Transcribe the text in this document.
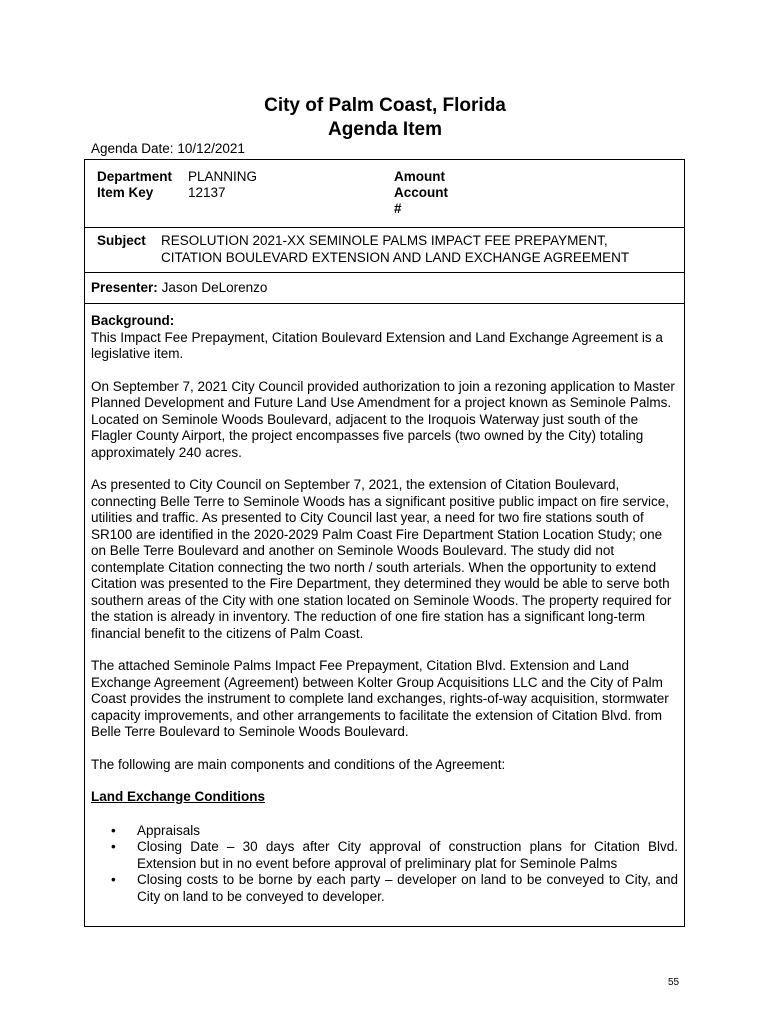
City of Palm Coast, Florida
Agenda Item
Agenda Date: 10/12/2021
Department PLANNING
Item Key	12137
Amount
Account
#
Subject RESOLUTION 2021-XX SEMINOLE PALMS IMPACT FEE PREPAYMENT,
CITATION BOULEVARD EXTENSION AND LAND EXCHANGE AGREEMENT
Presenter: Jason DeLorenzo
Background:

This Impact Fee Prepayment, Citation Boulevard Extension and Land Exchange Agreement is a legislative item.

On September 7, 2021 City Council provided authorization to join a rezoning application to Master Planned Development and Future Land Use Amendment for a project known as Seminole Palms. Located on Seminole Woods Boulevard, adjacent to the Iroquois Waterway just south of the Flagler County Airport, the project encompasses five parcels (two owned by the City) totaling approximately 240 acres.

As presented to City Council on September 7, 2021, the extension of Citation Boulevard, connecting Belle Terre to Seminole Woods has a significant positive public impact on fire service, utilities and traffic. As presented to City Council last year, a need for two fire stations south of SR100 are identified in the 2020-2029 Palm Coast Fire Department Station Location Study; one on Belle Terre Boulevard and another on Seminole Woods Boulevard. The study did not contemplate Citation connecting the two north / south arterials. When the opportunity to extend Citation was presented to the Fire Department, they determined they would be able to serve both southern areas of the City with one station located on Seminole Woods. The property required for the station is already in inventory. The reduction of one fire station has a significant long-term financial benefit to the citizens of Palm Coast.

The attached Seminole Palms Impact Fee Prepayment, Citation Blvd. Extension and Land Exchange Agreement (Agreement) between Kolter Group Acquisitions LLC and the City of Palm Coast provides the instrument to complete land exchanges, rights-of-way acquisition, stormwater capacity improvements, and other arrangements to facilitate the extension of Citation Blvd. from Belle Terre Boulevard to Seminole Woods Boulevard.

The following are main components and conditions of the Agreement:

Land Exchange Conditions
• Appraisals
• Closing Date – 30 days after City approval of construction plans for Citation Blvd. Extension but in no event before approval of preliminary plat for Seminole Palms
• Closing costs to be borne by each party – developer on land to be conveyed to City, and City on land to be conveyed to developer.
55
